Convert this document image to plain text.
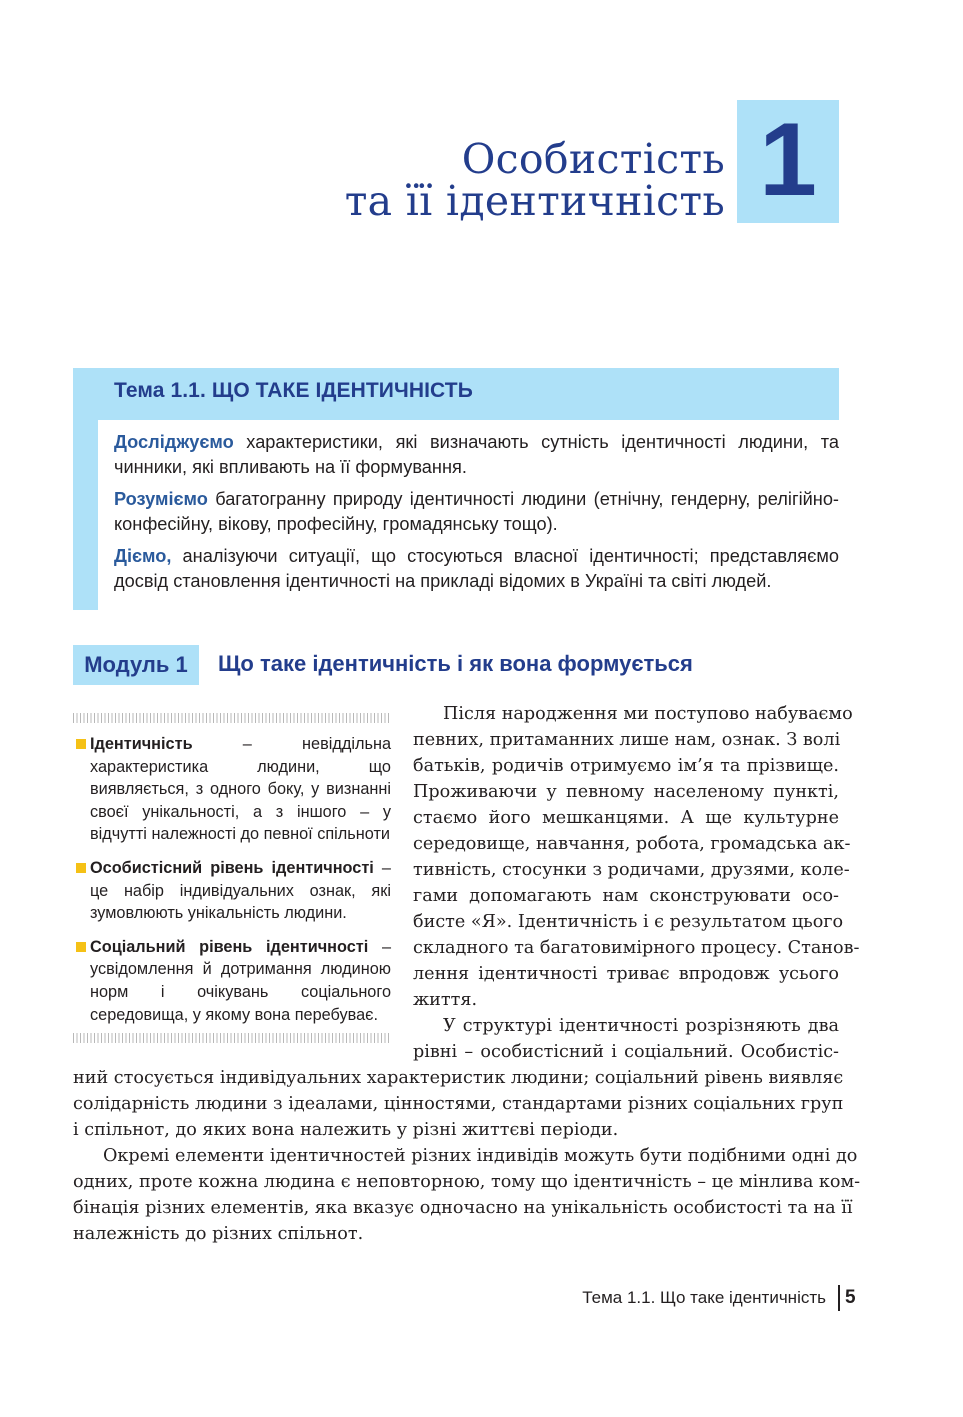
Особистість
та її ідентичність 1
Тема 1.1. ЩО ТАКЕ ІДЕНТИЧНІСТЬ

Досліджуємо характеристики, які визначають сутність ідентичності людини, та чинники, які впливають на її формування.

Розуміємо багатогранну природу ідентичності людини (етнічну, гендерну, релігійно-конфесійну, вікову, професійну, громадянську тощо).

Діємо, аналізуючи ситуації, що стосуються власної ідентичності; представляємо досвід становлення ідентичності на прикладі відомих в Україні та світі людей.

Модуль 1	Що таке ідентичність і як вона формується
Ідентичність – невіддільна характеристика людини, що виявляється, з одного боку, у визнанні своєї унікальності, а з іншого – у відчутті належності до певної спільноти
Особистісний рівень ідентичності – це набір індивідуальних ознак, які зумовлюють унікальність людини.
Соціальний рівень ідентичності – усвідомлення й дотримання людиною норм і очікувань соціального середовища, у якому вона перебуває.
Після народження ми поступово набуваємо
певних, притаманних лише нам, ознак. З волі
батьків, родичів отримуємо ім’я та прізвище.
Проживаючи у певному населеному пункті,
стаємо його мешканцями. А ще культурне
середовище, навчання, робота, громадська ак-
тивність, стосунки з родичами, друзями, коле-
гами допомагають нам сконструювати осо-
бисте «Я». Ідентичність і є результатом цього
складного та багатовимірного процесу. Станов-
лення ідентичності триває впродовж усього
життя.
У структурі ідентичності розрізняють два
рівні – особистісний і соціальний. Особистіс-
ний стосується індивідуальних характеристик людини; соціальний рівень виявляє
солідарність людини з ідеалами, цінностями, стандартами різних соціальних груп
і спільнот, до яких вона належить у різні життєві періоди.
Окремі елементи ідентичностей різних індивідів можуть бути подібними одні до
одних, проте кожна людина є неповторною, тому що ідентичність – це мінлива ком-
бінація різних елементів, яка вказує одночасно на унікальність особистості та на її
належність до різних спільнот.
Тема 1.1. Що таке ідентичність 5
